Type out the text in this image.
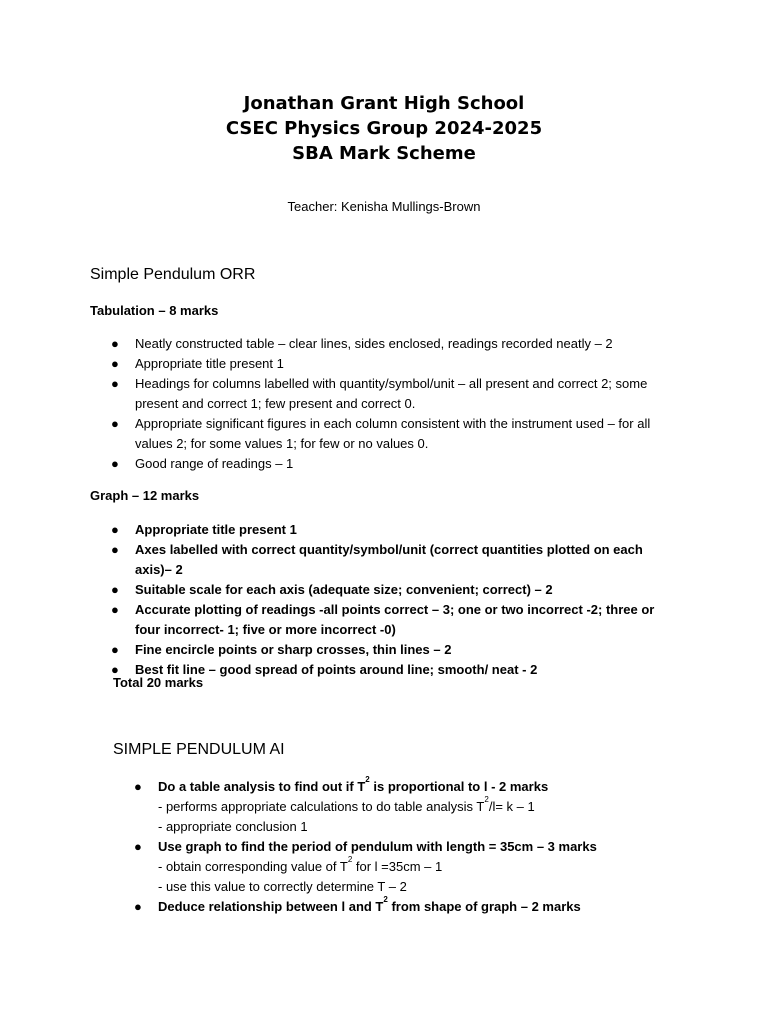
Jonathan Grant High School
CSEC Physics Group 2024-2025
SBA Mark Scheme
Teacher: Kenisha Mullings-Brown
Simple Pendulum ORR
Tabulation – 8 marks
● Neatly constructed table – clear lines, sides enclosed, readings recorded neatly – 2
● Appropriate title present 1
● Headings for columns labelled with quantity/symbol/unit – all present and correct 2; some present and correct 1; few present and correct 0.
● Appropriate significant figures in each column consistent with the instrument used – for all values 2; for some values 1; for few or no values 0.
● Good range of readings – 1
Graph – 12 marks
● Appropriate title present 1
● Axes labelled with correct quantity/symbol/unit (correct quantities plotted on each axis)– 2
● Suitable scale for each axis (adequate size; convenient; correct) – 2
● Accurate plotting of readings -all points correct – 3; one or two incorrect -2; three or four incorrect- 1; five or more incorrect -0)
● Fine encircle points or sharp crosses, thin lines – 2
● Best fit line – good spread of points around line; smooth/ neat - 2
Total 20 marks
SIMPLE PENDULUM AI
● Do a table analysis to find out if $T^2$ is proportional to l - 2 marks
- performs appropriate calculations to do table analysis $T^2/l= k - 1$
- appropriate conclusion 1
● Use graph to find the period of pendulum with length = 35cm – 3 marks
- obtain corresponding value of $T^2$ for l =35cm – 1
- use this value to correctly determine T – 2
● Deduce relationship between l and $T^2$ from shape of graph – 2 marks
